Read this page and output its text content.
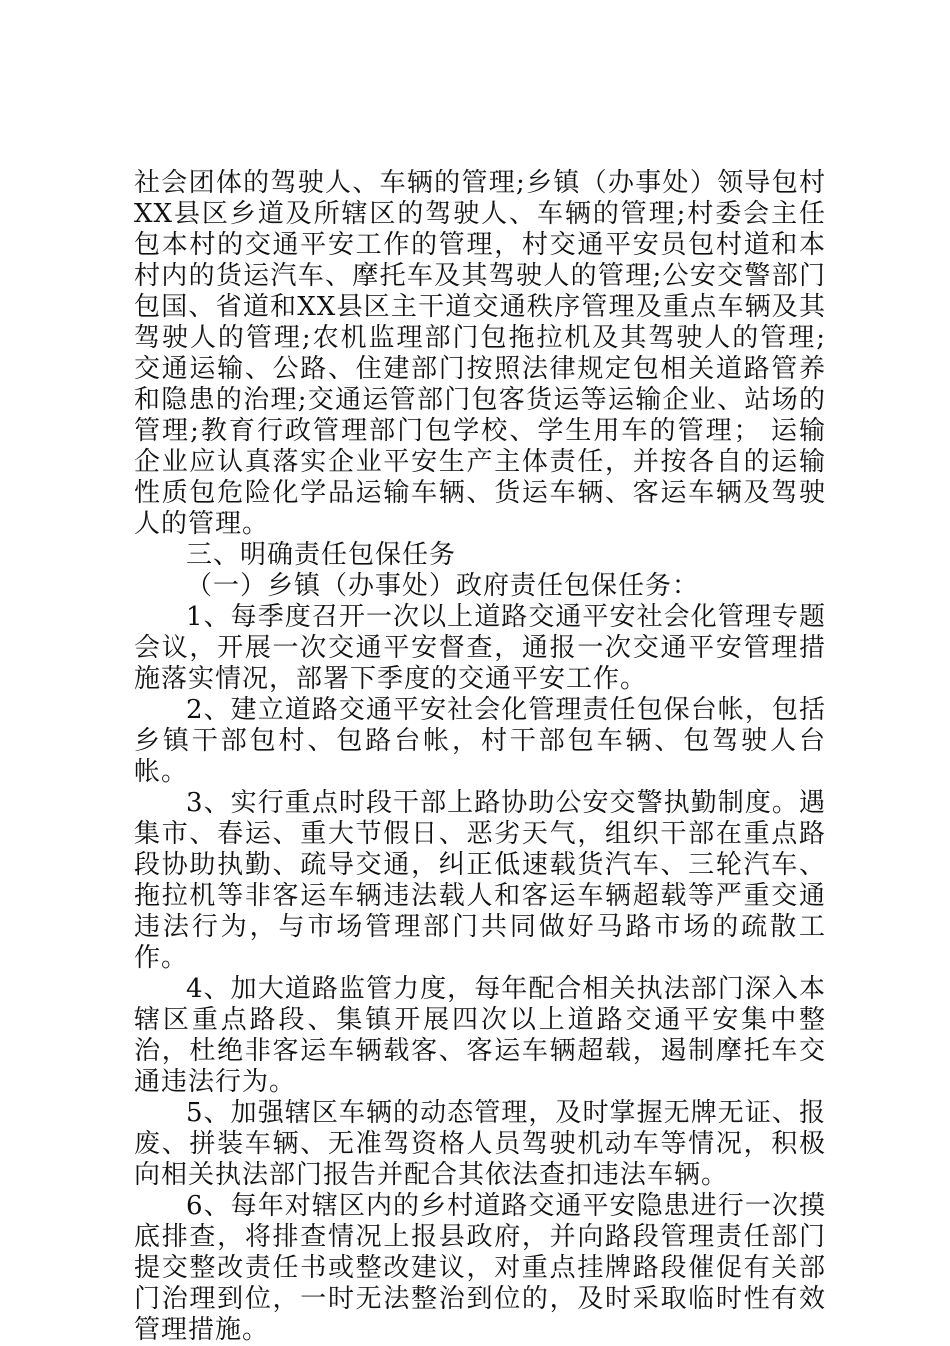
社会团体的驾驶人、车辆的管理;乡镇（办事处）领导包村XX县区乡道及所辖区的驾驶人、车辆的管理;村委会主任包本村的交通平安工作的管理，村交通平安员包村道和本村内的货运汽车、摩托车及其驾驶人的管理;公安交警部门包国、省道和XX县区主干道交通秩序管理及重点车辆及其驾驶人的管理;农机监理部门包拖拉机及其驾驶人的管理;交通运输、公路、住建部门按照法律规定包相关道路管养和隐患的治理;交通运管部门包客货运等运输企业、站场的管理;教育行政管理部门包学校、学生用车的管理； 运输企业应认真落实企业平安生产主体责任，并按各自的运输性质包危险化学品运输车辆、货运车辆、客运车辆及驾驶人的管理。

三、明确责任包保任务

（一）乡镇（办事处）政府责任包保任务：

1、每季度召开一次以上道路交通平安社会化管理专题会议，开展一次交通平安督查，通报一次交通平安管理措施落实情况，部署下季度的交通平安工作。

2、建立道路交通平安社会化管理责任包保台帐，包括乡镇干部包村、包路台帐，村干部包车辆、包驾驶人台帐。

3、实行重点时段干部上路协助公安交警执勤制度。遇集市、春运、重大节假日、恶劣天气，组织干部在重点路段协助执勤、疏导交通，纠正低速载货汽车、三轮汽车、拖拉机等非客运车辆违法载人和客运车辆超载等严重交通违法行为，与市场管理部门共同做好马路市场的疏散工作。

4、加大道路监管力度，每年配合相关执法部门深入本辖区重点路段、集镇开展四次以上道路交通平安集中整治，杜绝非客运车辆载客、客运车辆超载，遏制摩托车交通违法行为。

5、加强辖区车辆的动态管理，及时掌握无牌无证、报废、拼装车辆、无准驾资格人员驾驶机动车等情况，积极向相关执法部门报告并配合其依法查扣违法车辆。

6、每年对辖区内的乡村道路交通平安隐患进行一次摸底排查，将排查情况上报县政府，并向路段管理责任部门提交整改责任书或整改建议，对重点挂牌路段催促有关部门治理到位，一时无法整治到位的，及时采取临时性有效管理措施。
